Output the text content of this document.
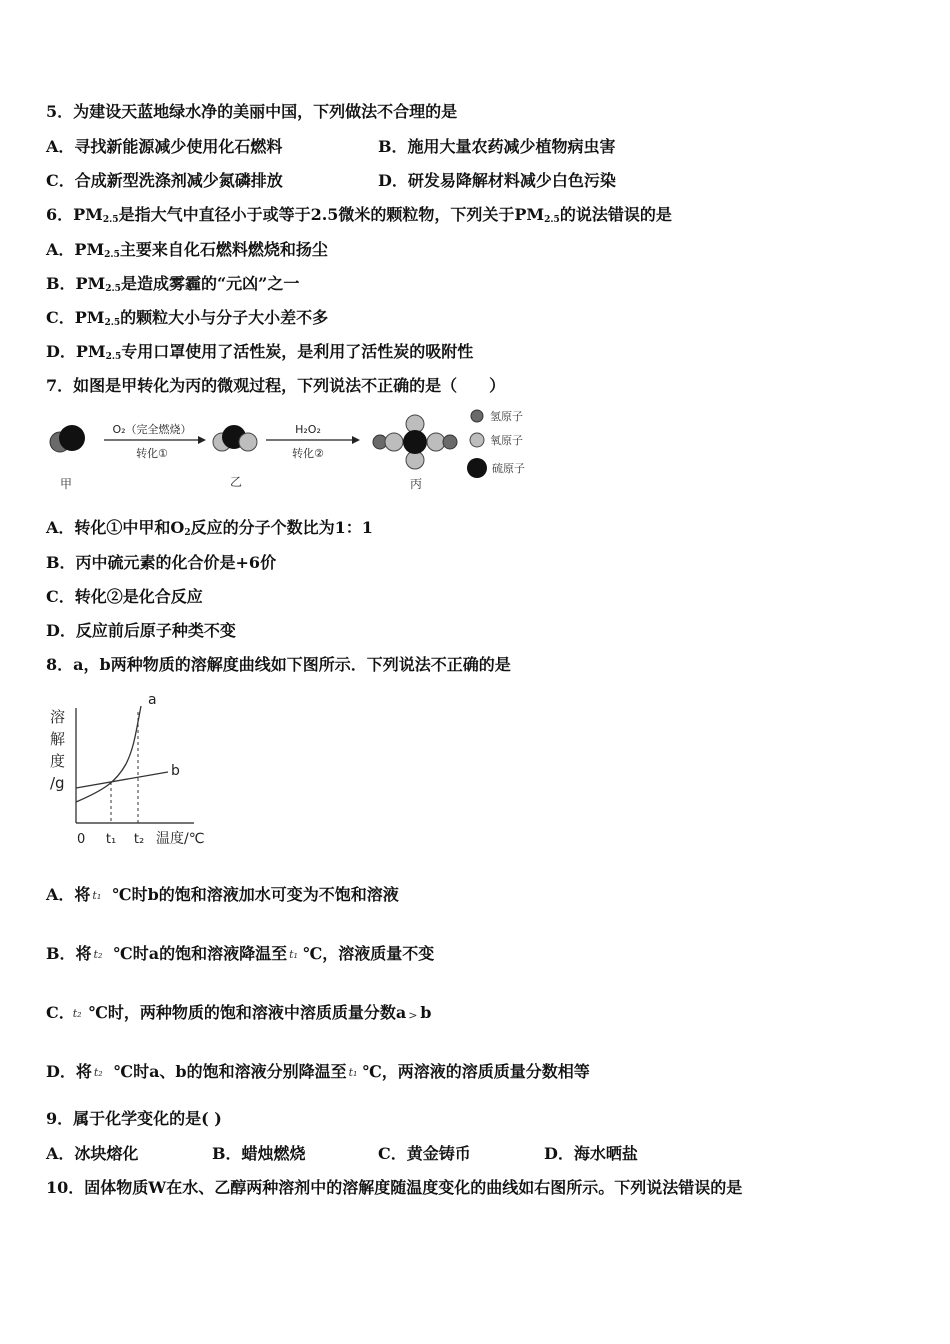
5．为建设天蓝地绿水净的美丽中国，下列做法不合理的是
A．寻找新能源减少使用化石燃料	B．施用大量农药减少植物病虫害
C．合成新型洗涤剂减少氮磷排放	D．研发易降解材料减少白色污染
6．$PM_{2.5}$是指大气中直径小于或等于2.5微米的颗粒物，下列关于$PM_{2.5}$的说法错误的是
A．$PM_{2.5}$主要来自化石燃料燃烧和扬尘
B．$PM_{2.5}$是造成雾霾的“元凶”之一
C．$PM_{2.5}$的颗粒大小与分子大小差不多
D．$PM_{2.5}$专用口罩使用了活性炭，是利用了活性炭的吸附性
7．如图是甲转化为丙的微观过程，下列说法不正确的是（　　）
甲
O₂（完全燃烧）
转化①
乙
H₂O₂
转化②
丙
氢原子
氧原子
硫原子
A．转化①中甲和$O_2$反应的分子个数比为1：1
B．丙中硫元素的化合价是+6价
C．转化②是化合反应
D．反应前后原子种类不变
8．a，b两种物质的溶解度曲线如下图所示．下列说法不正确的是
溶
解
度
/g
b
a
0 t₁ t₂ 温度/℃
A．将 t₁ ℃时b的饱和溶液加水可变为不饱和溶液
B．将 t₂ ℃时a的饱和溶液降温至 t₁ ℃，溶液质量不变
C．
t₂ ℃时，两种物质的饱和溶液中溶质质量分数a > b
D．将 t₂ ℃时a、b的饱和溶液分别降温至 t₁ ℃，两溶液的溶质质量分数相等
9．属于化学变化的是( )
A．冰块熔化	B．蜡烛燃烧	C．黄金铸币	D．海水晒盐
10．固体物质W在水、乙醇两种溶剂中的溶解度随温度变化的曲线如右图所示。下列说法错误的是
